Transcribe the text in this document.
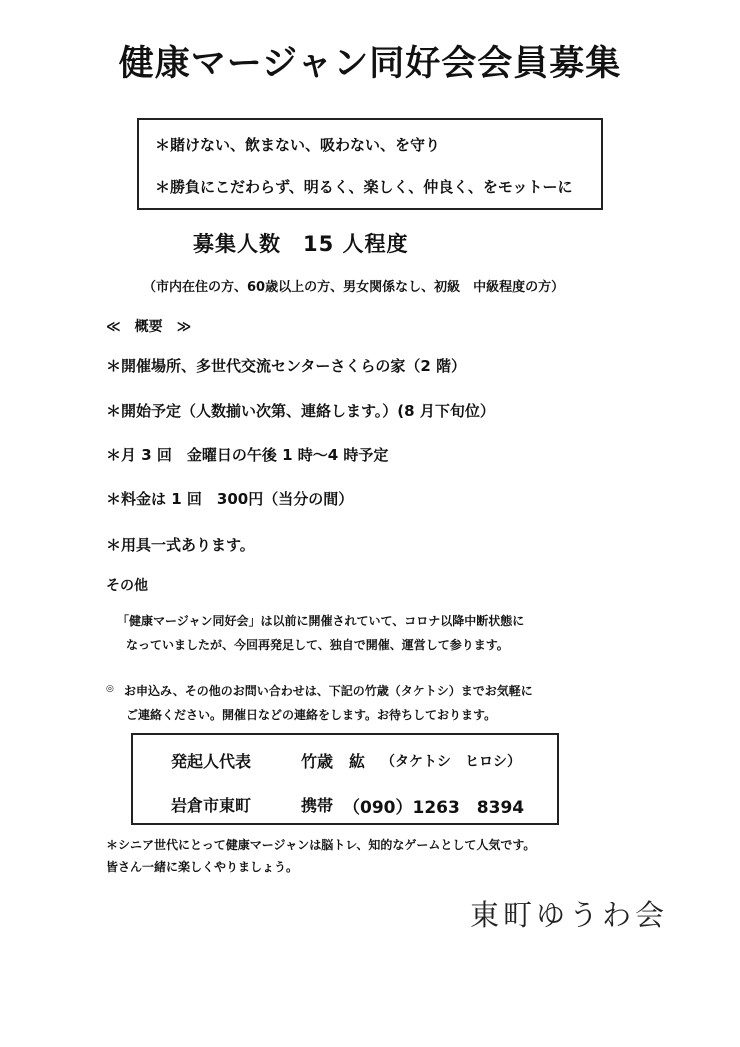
健康マージャン同好会会員募集
＊賭けない、飲まない、吸わない、を守り
＊勝負にこだわらず、明るく、楽しく、仲良く、をモットーに
募集人数　15 人程度
（市内在住の方、60歳以上の方、男女関係なし、初級　中級程度の方）
≪　概要　≫
＊開催場所、多世代交流センターさくらの家（2 階）
＊開始予定（人数揃い次第、連絡します。）(8 月下旬位）
＊月 3 回　金曜日の午後 1 時～4 時予定
＊料金は 1 回　300円（当分の間）
＊用具一式あります。
その他
「健康マージャン同好会」は以前に開催されていて、コロナ以降中断状態に
なっていましたが、今回再発足して、独自で開催、運営して参ります。
◎ お申込み、その他のお問い合わせは、下記の竹歳（タケトシ）までお気軽に
ご連絡ください。開催日などの連絡をします。お待ちしております。
発起人代表	竹歳　紘 （タケトシ　ヒロシ）
岩倉市東町	携帯 （090）1263　8394
＊シニア世代にとって健康マージャンは脳トレ、知的なゲームとして人気です。
皆さん一緒に楽しくやりましょう。
東町ゆうわ会
